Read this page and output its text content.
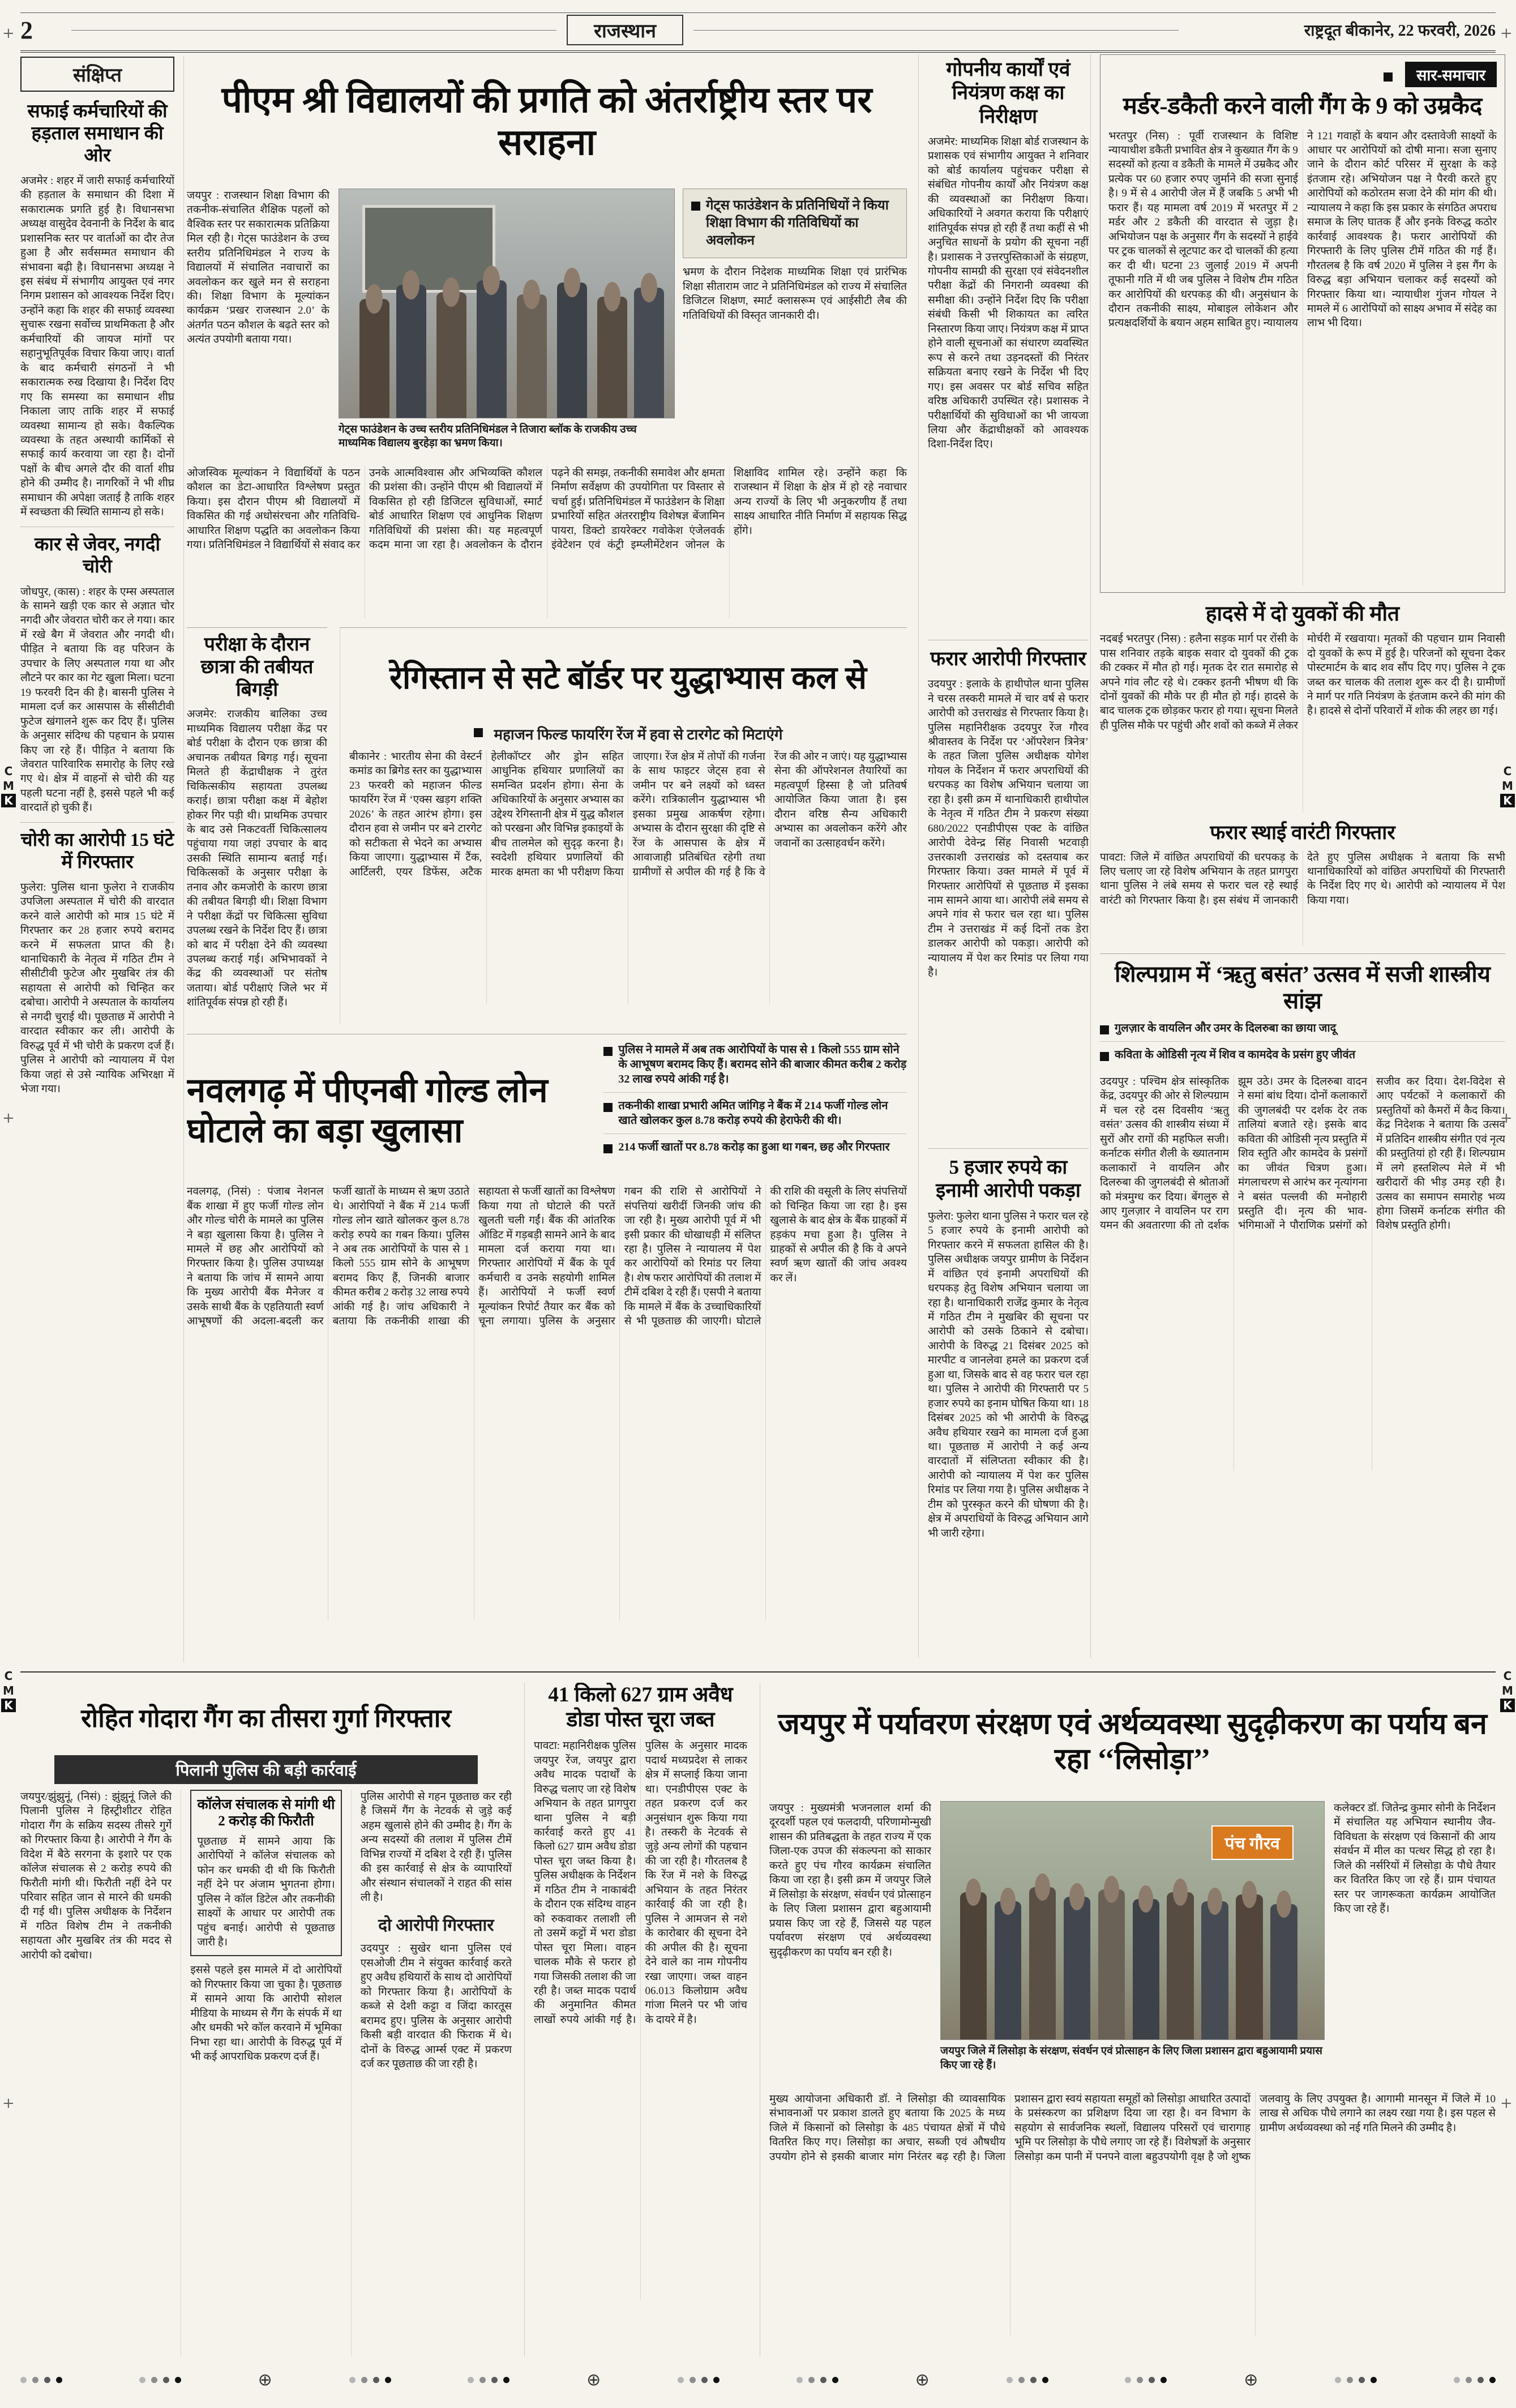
+	+
+	+
+	+
C
M
K
C
M
K
C
M
K
C
M
K
2	राजस्थान	राष्ट्रदूत बीकानेर, 22 फरवरी, 2026
संक्षिप्त
सफाई कर्मचारियों की हड़ताल समाधान की ओर
अजमेर : शहर में जारी सफाई कर्मचारियों की हड़ताल के समाधान की दिशा में सकारात्मक प्रगति हुई है। विधानसभा अध्यक्ष वासुदेव देवनानी के निर्देश के बाद प्रशासनिक स्तर पर वार्ताओं का दौर तेज हुआ है और सर्वसम्मत समाधान की संभावना बढ़ी है। विधानसभा अध्यक्ष ने इस संबंध में संभागीय आयुक्त एवं नगर निगम प्रशासन को आवश्यक निर्देश दिए। उन्होंने कहा कि शहर की सफाई व्यवस्था सुचारू रखना सर्वोच्च प्राथमिकता है और कर्मचारियों की जायज मांगों पर सहानुभूतिपूर्वक विचार किया जाए। वार्ता के बाद कर्मचारी संगठनों ने भी सकारात्मक रुख दिखाया है। निर्देश दिए गए कि समस्या का समाधान शीघ्र निकाला जाए ताकि शहर में सफाई व्यवस्था सामान्य हो सके। वैकल्पिक व्यवस्था के तहत अस्थायी कार्मिकों से सफाई कार्य करवाया जा रहा है। दोनों पक्षों के बीच अगले दौर की वार्ता शीघ्र होने की उम्मीद है। नागरिकों ने भी शीघ्र समाधान की अपेक्षा जताई है ताकि शहर में स्वच्छता की स्थिति सामान्य हो सके।
कार से जेवर, नगदी चोरी
जोधपुर, (कास) : शहर के एम्स अस्पताल के सामने खड़ी एक कार से अज्ञात चोर नगदी और जेवरात चोरी कर ले गया। कार में रखे बैग में जेवरात और नगदी थी। पीड़ित ने बताया कि वह परिजन के उपचार के लिए अस्पताल गया था और लौटने पर कार का गेट खुला मिला। घटना 19 फरवरी दिन की है। बासनी पुलिस ने मामला दर्ज कर आसपास के सीसीटीवी फुटेज खंगालने शुरू कर दिए हैं। पुलिस के अनुसार संदिग्ध की पहचान के प्रयास किए जा रहे हैं। पीड़ित ने बताया कि जेवरात पारिवारिक समारोह के लिए रखे गए थे। क्षेत्र में वाहनों से चोरी की यह पहली घटना नहीं है, इससे पहले भी कई वारदातें हो चुकी हैं।
चोरी का आरोपी 15 घंटे में गिरफ्तार
फुलेरा: पुलिस थाना फुलेरा ने राजकीय उपजिला अस्पताल में चोरी की वारदात करने वाले आरोपी को मात्र 15 घंटे में गिरफ्तार कर 28 हजार रुपये बरामद करने में सफलता प्राप्त की है। थानाधिकारी के नेतृत्व में गठित टीम ने सीसीटीवी फुटेज और मुखबिर तंत्र की सहायता से आरोपी को चिन्हित कर दबोचा। आरोपी ने अस्पताल के कार्यालय से नगदी चुराई थी। पूछताछ में आरोपी ने वारदात स्वीकार कर ली। आरोपी के विरुद्ध पूर्व में भी चोरी के प्रकरण दर्ज हैं। पुलिस ने आरोपी को न्यायालय में पेश किया जहां से उसे न्यायिक अभिरक्षा में भेजा गया।
पीएम श्री विद्यालयों की प्रगति को अंतर्राष्ट्रीय स्तर पर सराहना
जयपुर : राजस्थान शिक्षा विभाग की तकनीक-संचालित शैक्षिक पहलों को वैश्विक स्तर पर सकारात्मक प्रतिक्रिया मिल रही है। गेट्स फाउंडेशन के उच्च स्तरीय प्रतिनिधिमंडल ने राज्य के विद्यालयों में संचालित नवाचारों का अवलोकन कर खुले मन से सराहना की। शिक्षा विभाग के मूल्यांकन कार्यक्रम ‘प्रखर राजस्थान 2.0’ के अंतर्गत पठन कौशल के बढ़ते स्तर को अत्यंत उपयोगी बताया गया।
गेट्स फाउंडेशन के उच्च स्तरीय प्रतिनिधिमंडल ने तिजारा ब्लॉक के राजकीय उच्च माध्यमिक विद्यालय बुरहेड़ा का भ्रमण किया।
गेट्स फाउंडेशन के प्रतिनिधियों ने किया शिक्षा विभाग की गतिविधियों का अवलोकन
भ्रमण के दौरान निदेशक माध्यमिक शिक्षा एवं प्रारंभिक शिक्षा सीताराम जाट ने प्रतिनिधिमंडल को राज्य में संचालित डिजिटल शिक्षण, स्मार्ट क्लासरूम एवं आईसीटी लैब की गतिविधियों की विस्तृत जानकारी दी।
ओजस्विक मूल्यांकन ने विद्यार्थियों के पठन कौशल का डेटा-आधारित विश्लेषण प्रस्तुत किया। इस दौरान पीएम श्री विद्यालयों में विकसित की गई अधोसंरचना और गतिविधि-आधारित शिक्षण पद्धति का अवलोकन किया गया। प्रतिनिधिमंडल ने विद्यार्थियों से संवाद कर उनके आत्मविश्वास और अभिव्यक्ति कौशल की प्रशंसा की। उन्होंने पीएम श्री विद्यालयों में विकसित हो रही डिजिटल सुविधाओं, स्मार्ट बोर्ड आधारित शिक्षण एवं आधुनिक शिक्षण गतिविधियों की प्रशंसा की। यह महत्वपूर्ण कदम माना जा रहा है। अवलोकन के दौरान पढ़ने की समझ, तकनीकी समावेश और क्षमता निर्माण सर्वेक्षण की उपयोगिता पर विस्तार से चर्चा हुई। प्रतिनिधिमंडल में फाउंडेशन के शिक्षा प्रभारियों सहित अंतरराष्ट्रीय विशेषज्ञ बेंजामिन पायरा, डिक्टो डायरेक्टर गवोकेश एंजेलवर्क इंवेटेशन एवं कंट्री इम्प्लीमेंटेशन जोनल के शिक्षाविद शामिल रहे। उन्होंने कहा कि राजस्थान में शिक्षा के क्षेत्र में हो रहे नवाचार अन्य राज्यों के लिए भी अनुकरणीय हैं तथा साक्ष्य आधारित नीति निर्माण में सहायक सिद्ध होंगे।
परीक्षा के दौरान छात्रा की तबीयत बिगड़ी
अजमेर: राजकीय बालिका उच्च माध्यमिक विद्यालय परीक्षा केंद्र पर बोर्ड परीक्षा के दौरान एक छात्रा की अचानक तबीयत बिगड़ गई। सूचना मिलते ही केंद्राधीक्षक ने तुरंत चिकित्सकीय सहायता उपलब्ध कराई। छात्रा परीक्षा कक्ष में बेहोश होकर गिर पड़ी थी। प्राथमिक उपचार के बाद उसे निकटवर्ती चिकित्सालय पहुंचाया गया जहां उपचार के बाद उसकी स्थिति सामान्य बताई गई। चिकित्सकों के अनुसार परीक्षा के तनाव और कमजोरी के कारण छात्रा की तबीयत बिगड़ी थी। शिक्षा विभाग ने परीक्षा केंद्रों पर चिकित्सा सुविधा उपलब्ध रखने के निर्देश दिए हैं। छात्रा को बाद में परीक्षा देने की व्यवस्था उपलब्ध कराई गई। अभिभावकों ने केंद्र की व्यवस्थाओं पर संतोष जताया। बोर्ड परीक्षाएं जिले भर में शांतिपूर्वक संपन्न हो रही हैं।
रेगिस्तान से सटे बॉर्डर पर युद्धाभ्यास कल से
महाजन फिल्ड फायरिंग रेंज में हवा से टारगेट को मिटाएंगे
बीकानेर : भारतीय सेना की वेस्टर्न कमांड का ब्रिगेड स्तर का युद्धाभ्यास 23 फरवरी को महाजन फील्ड फायरिंग रेंज में ‘एक्स खड़ग शक्ति 2026’ के तहत आरंभ होगा। इस दौरान हवा से जमीन पर बने टारगेट को सटीकता से भेदने का अभ्यास किया जाएगा। युद्धाभ्यास में टैंक, आर्टिलरी, एयर डिफेंस, अटैक हेलीकॉप्टर और ड्रोन सहित आधुनिक हथियार प्रणालियों का समन्वित प्रदर्शन होगा। सेना के अधिकारियों के अनुसार अभ्यास का उद्देश्य रेगिस्तानी क्षेत्र में युद्ध कौशल को परखना और विभिन्न इकाइयों के बीच तालमेल को सुदृढ़ करना है। स्वदेशी हथियार प्रणालियों की मारक क्षमता का भी परीक्षण किया जाएगा। रेंज क्षेत्र में तोपों की गर्जना के साथ फाइटर जेट्स हवा से जमीन पर बने लक्ष्यों को ध्वस्त करेंगे। रात्रिकालीन युद्धाभ्यास भी इसका प्रमुख आकर्षण रहेगा। अभ्यास के दौरान सुरक्षा की दृष्टि से रेंज के आसपास के क्षेत्र में आवाजाही प्रतिबंधित रहेगी तथा ग्रामीणों से अपील की गई है कि वे रेंज की ओर न जाएं। यह युद्धाभ्यास सेना की ऑपरेशनल तैयारियों का महत्वपूर्ण हिस्सा है जो प्रतिवर्ष आयोजित किया जाता है। इस दौरान वरिष्ठ सैन्य अधिकारी अभ्यास का अवलोकन करेंगे और जवानों का उत्साहवर्धन करेंगे।
नवलगढ़ में पीएनबी गोल्ड लोन घोटाले का बड़ा खुलासा
पुलिस ने मामले में अब तक आरोपियों के पास से 1 किलो 555 ग्राम सोने के आभूषण बरामद किए हैं। बरामद सोने की बाजार कीमत करीब 2 करोड़ 32 लाख रुपये आंकी गई है।
तकनीकी शाखा प्रभारी अमित जांगिड़ ने बैंक में 214 फर्जी गोल्ड लोन खाते खोलकर कुल 8.78 करोड़ रुपये की हेराफेरी की थी।
214 फर्जी खातों पर 8.78 करोड़ का हुआ था गबन, छह और गिरफ्तार
नवलगढ़, (निसं) : पंजाब नेशनल बैंक शाखा में हुए फर्जी गोल्ड लोन और गोल्ड चोरी के मामले का पुलिस ने बड़ा खुलासा किया है। पुलिस ने मामले में छह और आरोपियों को गिरफ्तार किया है। पुलिस उपाध्यक्ष ने बताया कि जांच में सामने आया कि मुख्य आरोपी बैंक मैनेजर व उसके साथी बैंक के एहतियाती स्वर्ण आभूषणों की अदला-बदली कर फर्जी खातों के माध्यम से ऋण उठाते थे। आरोपियों ने बैंक में 214 फर्जी गोल्ड लोन खाते खोलकर कुल 8.78 करोड़ रुपये का गबन किया। पुलिस ने अब तक आरोपियों के पास से 1 किलो 555 ग्राम सोने के आभूषण बरामद किए हैं, जिनकी बाजार कीमत करीब 2 करोड़ 32 लाख रुपये आंकी गई है। जांच अधिकारी ने बताया कि तकनीकी शाखा की सहायता से फर्जी खातों का विश्लेषण किया गया तो घोटाले की परतें खुलती चली गईं। बैंक की आंतरिक ऑडिट में गड़बड़ी सामने आने के बाद मामला दर्ज कराया गया था। गिरफ्तार आरोपियों में बैंक के पूर्व कर्मचारी व उनके सहयोगी शामिल हैं। आरोपियों ने फर्जी स्वर्ण मूल्यांकन रिपोर्ट तैयार कर बैंक को चूना लगाया। पुलिस के अनुसार गबन की राशि से आरोपियों ने संपत्तियां खरीदीं जिनकी जांच की जा रही है। मुख्य आरोपी पूर्व में भी इसी प्रकार की धोखाधड़ी में संलिप्त रहा है। पुलिस ने न्यायालय में पेश कर आरोपियों को रिमांड पर लिया है। शेष फरार आरोपियों की तलाश में टीमें दबिश दे रही हैं। एसपी ने बताया कि मामले में बैंक के उच्चाधिकारियों से भी पूछताछ की जाएगी। घोटाले की राशि की वसूली के लिए संपत्तियों को चिन्हित किया जा रहा है। इस खुलासे के बाद क्षेत्र के बैंक ग्राहकों में हड़कंप मचा हुआ है। पुलिस ने ग्राहकों से अपील की है कि वे अपने स्वर्ण ऋण खातों की जांच अवश्य कर लें।
गोपनीय कार्यों एवं नियंत्रण कक्ष का निरीक्षण
अजमेर: माध्यमिक शिक्षा बोर्ड राजस्थान के प्रशासक एवं संभागीय आयुक्त ने शनिवार को बोर्ड कार्यालय पहुंचकर परीक्षा से संबंधित गोपनीय कार्यों और नियंत्रण कक्ष की व्यवस्थाओं का निरीक्षण किया। अधिकारियों ने अवगत कराया कि परीक्षाएं शांतिपूर्वक संपन्न हो रही हैं तथा कहीं से भी अनुचित साधनों के प्रयोग की सूचना नहीं है। प्रशासक ने उत्तरपुस्तिकाओं के संग्रहण, गोपनीय सामग्री की सुरक्षा एवं संवेदनशील परीक्षा केंद्रों की निगरानी व्यवस्था की समीक्षा की। उन्होंने निर्देश दिए कि परीक्षा संबंधी किसी भी शिकायत का त्वरित निस्तारण किया जाए। नियंत्रण कक्ष में प्राप्त होने वाली सूचनाओं का संधारण व्यवस्थित रूप से करने तथा उड़नदस्तों की निरंतर सक्रियता बनाए रखने के निर्देश भी दिए गए। इस अवसर पर बोर्ड सचिव सहित वरिष्ठ अधिकारी उपस्थित रहे। प्रशासक ने परीक्षार्थियों की सुविधाओं का भी जायजा लिया और केंद्राधीक्षकों को आवश्यक दिशा-निर्देश दिए।
फरार आरोपी गिरफ्तार
उदयपुर : इलाके के हाथीपोल थाना पुलिस ने चरस तस्करी मामले में चार वर्ष से फरार आरोपी को उत्तराखंड से गिरफ्तार किया है। पुलिस महानिरीक्षक उदयपुर रेंज गौरव श्रीवास्तव के निर्देश पर ‘ऑपरेशन त्रिनेत्र’ के तहत जिला पुलिस अधीक्षक योगेश गोयल के निर्देशन में फरार अपराधियों की धरपकड़ का विशेष अभियान चलाया जा रहा है। इसी क्रम में थानाधिकारी हाथीपोल के नेतृत्व में गठित टीम ने प्रकरण संख्या 680/2022 एनडीपीएस एक्ट के वांछित आरोपी देवेन्द्र सिंह निवासी भटवाड़ी उत्तरकाशी उत्तराखंड को दस्तयाब कर गिरफ्तार किया। उक्त मामले में पूर्व में गिरफ्तार आरोपियों से पूछताछ में इसका नाम सामने आया था। आरोपी लंबे समय से अपने गांव से फरार चल रहा था। पुलिस टीम ने उत्तराखंड में कई दिनों तक डेरा डालकर आरोपी को पकड़ा। आरोपी को न्यायालय में पेश कर रिमांड पर लिया गया है।
5 हजार रुपये का इनामी आरोपी पकड़ा
फुलेरा: फुलेरा थाना पुलिस ने फरार चल रहे 5 हजार रुपये के इनामी आरोपी को गिरफ्तार करने में सफलता हासिल की है। पुलिस अधीक्षक जयपुर ग्रामीण के निर्देशन में वांछित एवं इनामी अपराधियों की धरपकड़ हेतु विशेष अभियान चलाया जा रहा है। थानाधिकारी राजेंद्र कुमार के नेतृत्व में गठित टीम ने मुखबिर की सूचना पर आरोपी को उसके ठिकाने से दबोचा। आरोपी के विरुद्ध 21 दिसंबर 2025 को मारपीट व जानलेवा हमले का प्रकरण दर्ज हुआ था, जिसके बाद से वह फरार चल रहा था। पुलिस ने आरोपी की गिरफ्तारी पर 5 हजार रुपये का इनाम घोषित किया था। 18 दिसंबर 2025 को भी आरोपी के विरुद्ध अवैध हथियार रखने का मामला दर्ज हुआ था। पूछताछ में आरोपी ने कई अन्य वारदातों में संलिप्तता स्वीकार की है। आरोपी को न्यायालय में पेश कर पुलिस रिमांड पर लिया गया है। पुलिस अधीक्षक ने टीम को पुरस्कृत करने की घोषणा की है। क्षेत्र में अपराधियों के विरुद्ध अभियान आगे भी जारी रहेगा।
सार-समाचार
मर्डर-डकैती करने वाली गैंग के 9 को उम्रकैद
भरतपुर (निस) : पूर्वी राजस्थान के विशिष्ट न्यायाधीश डकैती प्रभावित क्षेत्र ने कुख्यात गैंग के 9 सदस्यों को हत्या व डकैती के मामले में उम्रकैद और प्रत्येक पर 60 हजार रुपए जुर्माने की सजा सुनाई है। 9 में से 4 आरोपी जेल में हैं जबकि 5 अभी भी फरार हैं। यह मामला वर्ष 2019 में भरतपुर में 2 मर्डर और 2 डकैती की वारदात से जुड़ा है। अभियोजन पक्ष के अनुसार गैंग के सदस्यों ने हाईवे पर ट्रक चालकों से लूटपाट कर दो चालकों की हत्या कर दी थी। घटना 23 जुलाई 2019 में अपनी तूफानी गति में थी जब पुलिस ने विशेष टीम गठित कर आरोपियों की धरपकड़ की थी। अनुसंधान के दौरान तकनीकी साक्ष्य, मोबाइल लोकेशन और प्रत्यक्षदर्शियों के बयान अहम साबित हुए। न्यायालय ने 121 गवाहों के बयान और दस्तावेजी साक्ष्यों के आधार पर आरोपियों को दोषी माना। सजा सुनाए जाने के दौरान कोर्ट परिसर में सुरक्षा के कड़े इंतजाम रहे। अभियोजन पक्ष ने पैरवी करते हुए आरोपियों को कठोरतम सजा देने की मांग की थी। न्यायालय ने कहा कि इस प्रकार के संगठित अपराध समाज के लिए घातक हैं और इनके विरुद्ध कठोर कार्रवाई आवश्यक है। फरार आरोपियों की गिरफ्तारी के लिए पुलिस टीमें गठित की गई हैं। गौरतलब है कि वर्ष 2020 में पुलिस ने इस गैंग के विरुद्ध बड़ा अभियान चलाकर कई सदस्यों को गिरफ्तार किया था। न्यायाधीश गुंजन गोयल ने मामले में 6 आरोपियों को साक्ष्य अभाव में संदेह का लाभ भी दिया।
हादसे में दो युवकों की मौत
नदबई भरतपुर (निस) : हलैना सड़क मार्ग पर रोंसी के पास शनिवार तड़के बाइक सवार दो युवकों की ट्रक की टक्कर में मौत हो गई। मृतक देर रात समारोह से अपने गांव लौट रहे थे। टक्कर इतनी भीषण थी कि दोनों युवकों की मौके पर ही मौत हो गई। हादसे के बाद चालक ट्रक छोड़कर फरार हो गया। सूचना मिलते ही पुलिस मौके पर पहुंची और शवों को कब्जे में लेकर मोर्चरी में रखवाया। मृतकों की पहचान ग्राम निवासी दो युवकों के रूप में हुई है। परिजनों को सूचना देकर पोस्टमार्टम के बाद शव सौंप दिए गए। पुलिस ने ट्रक जब्त कर चालक की तलाश शुरू कर दी है। ग्रामीणों ने मार्ग पर गति नियंत्रण के इंतजाम करने की मांग की है। हादसे से दोनों परिवारों में शोक की लहर छा गई।
फरार स्थाई वारंटी गिरफ्तार
पावटा: जिले में वांछित अपराधियों की धरपकड़ के लिए चलाए जा रहे विशेष अभियान के तहत प्रागपुरा थाना पुलिस ने लंबे समय से फरार चल रहे स्थाई वारंटी को गिरफ्तार किया है। इस संबंध में जानकारी देते हुए पुलिस अधीक्षक ने बताया कि सभी थानाधिकारियों को वांछित अपराधियों की गिरफ्तारी के निर्देश दिए गए थे। आरोपी को न्यायालय में पेश किया गया।
शिल्पग्राम में ‘ऋतु बसंत’ उत्सव में सजी शास्त्रीय सांझ
गुलज़ार के वायलिन और उमर के दिलरुबा का छाया जादू
कविता के ओडिसी नृत्य में शिव व कामदेव के प्रसंग हुए जीवंत
उदयपुर : पश्चिम क्षेत्र सांस्कृतिक केंद्र, उदयपुर की ओर से शिल्पग्राम में चल रहे दस दिवसीय ‘ऋतु वसंत’ उत्सव की शास्त्रीय संध्या में सुरों और रागों की महफिल सजी। कर्नाटक संगीत शैली के ख्यातनाम कलाकारों ने वायलिन और दिलरुबा की जुगलबंदी से श्रोताओं को मंत्रमुग्ध कर दिया। बेंगलुरु से आए गुलज़ार ने वायलिन पर राग यमन की अवतारणा की तो दर्शक झूम उठे। उमर के दिलरुबा वादन ने समां बांध दिया। दोनों कलाकारों की जुगलबंदी पर दर्शक देर तक तालियां बजाते रहे। इसके बाद कविता की ओडिसी नृत्य प्रस्तुति में शिव स्तुति और कामदेव के प्रसंगों का जीवंत चित्रण हुआ। मंगलाचरण से आरंभ कर नृत्यांगना ने बसंत पल्लवी की मनोहारी प्रस्तुति दी। नृत्य की भाव-भंगिमाओं ने पौराणिक प्रसंगों को सजीव कर दिया। देश-विदेश से आए पर्यटकों ने कलाकारों की प्रस्तुतियों को कैमरों में कैद किया। केंद्र निदेशक ने बताया कि उत्सव में प्रतिदिन शास्त्रीय संगीत एवं नृत्य की प्रस्तुतियां हो रही हैं। शिल्पग्राम में लगे हस्तशिल्प मेले में भी खरीदारों की भीड़ उमड़ रही है। उत्सव का समापन समारोह भव्य होगा जिसमें कर्नाटक संगीत की विशेष प्रस्तुति होगी।
रोहित गोदारा गैंग का तीसरा गुर्गा गिरफ्तार
पिलानी पुलिस की बड़ी कार्रवाई
जयपुर/झुंझुनूं, (निसं) : झुंझुनूं जिले की पिलानी पुलिस ने हिस्ट्रीशीटर रोहित गोदारा गैंग के सक्रिय सदस्य तीसरे गुर्गे को गिरफ्तार किया है। आरोपी ने गैंग के विदेश में बैठे सरगना के इशारे पर एक कॉलेज संचालक से 2 करोड़ रुपये की फिरौती मांगी थी। फिरौती नहीं देने पर परिवार सहित जान से मारने की धमकी दी गई थी। पुलिस अधीक्षक के निर्देशन में गठित विशेष टीम ने तकनीकी सहायता और मुखबिर तंत्र की मदद से आरोपी को दबोचा।
कॉलेज संचालक से मांगी थी 2 करोड़ की फिरौती
पूछताछ में सामने आया कि आरोपियों ने कॉलेज संचालक को फोन कर धमकी दी थी कि फिरौती नहीं देने पर अंजाम भुगतना होगा। पुलिस ने कॉल डिटेल और तकनीकी साक्ष्यों के आधार पर आरोपी तक पहुंच बनाई। आरोपी से पूछताछ जारी है।
इससे पहले इस मामले में दो आरोपियों को गिरफ्तार किया जा चुका है। पूछताछ में सामने आया कि आरोपी सोशल मीडिया के माध्यम से गैंग के संपर्क में था और धमकी भरे कॉल करवाने में भूमिका निभा रहा था। आरोपी के विरुद्ध पूर्व में भी कई आपराधिक प्रकरण दर्ज हैं।
पुलिस आरोपी से गहन पूछताछ कर रही है जिसमें गैंग के नेटवर्क से जुड़े कई अहम खुलासे होने की उम्मीद है। गैंग के अन्य सदस्यों की तलाश में पुलिस टीमें विभिन्न राज्यों में दबिश दे रही हैं। पुलिस की इस कार्रवाई से क्षेत्र के व्यापारियों और संस्थान संचालकों ने राहत की सांस ली है।
दो आरोपी गिरफ्तार
उदयपुर : सुखेर थाना पुलिस एवं एसओजी टीम ने संयुक्त कार्रवाई करते हुए अवैध हथियारों के साथ दो आरोपियों को गिरफ्तार किया है। आरोपियों के कब्जे से देशी कट्टा व जिंदा कारतूस बरामद हुए। पुलिस के अनुसार आरोपी किसी बड़ी वारदात की फिराक में थे। दोनों के विरुद्ध आर्म्स एक्ट में प्रकरण दर्ज कर पूछताछ की जा रही है।
41 किलो 627 ग्राम अवैध डोडा पोस्त चूरा जब्त
पावटा: महानिरीक्षक पुलिस जयपुर रेंज, जयपुर द्वारा अवैध मादक पदार्थों के विरुद्ध चलाए जा रहे विशेष अभियान के तहत प्रागपुरा थाना पुलिस ने बड़ी कार्रवाई करते हुए 41 किलो 627 ग्राम अवैध डोडा पोस्त चूरा जब्त किया है। पुलिस अधीक्षक के निर्देशन में गठित टीम ने नाकाबंदी के दौरान एक संदिग्ध वाहन को रुकवाकर तलाशी ली तो उसमें कट्टों में भरा डोडा पोस्त चूरा मिला। वाहन चालक मौके से फरार हो गया जिसकी तलाश की जा रही है। जब्त मादक पदार्थ की अनुमानित कीमत लाखों रुपये आंकी गई है। पुलिस के अनुसार मादक पदार्थ मध्यप्रदेश से लाकर क्षेत्र में सप्लाई किया जाना था। एनडीपीएस एक्ट के तहत प्रकरण दर्ज कर अनुसंधान शुरू किया गया है। तस्करी के नेटवर्क से जुड़े अन्य लोगों की पहचान की जा रही है। गौरतलब है कि रेंज में नशे के विरुद्ध अभियान के तहत निरंतर कार्रवाई की जा रही है। पुलिस ने आमजन से नशे के कारोबार की सूचना देने की अपील की है। सूचना देने वाले का नाम गोपनीय रखा जाएगा। जब्त वाहन 06.013 किलोग्राम अवैध गांजा मिलने पर भी जांच के दायरे में है।
जयपुर में पर्यावरण संरक्षण एवं अर्थव्यवस्था सुदृढ़ीकरण का पर्याय बन रहा ‘‘लिसोड़ा’’
जयपुर : मुख्यमंत्री भजनलाल शर्मा की दूरदर्शी पहल एवं फलदायी, परिणामोन्मुखी शासन की प्रतिबद्धता के तहत राज्य में एक जिला-एक उपज की संकल्पना को साकार करते हुए पंच गौरव कार्यक्रम संचालित किया जा रहा है। इसी क्रम में जयपुर जिले में लिसोड़ा के संरक्षण, संवर्धन एवं प्रोत्साहन के लिए जिला प्रशासन द्वारा बहुआयामी प्रयास किए जा रहे हैं, जिससे यह पहल पर्यावरण संरक्षण एवं अर्थव्यवस्था सुदृढ़ीकरण का पर्याय बन रही है।
पंच गौरव
जयपुर जिले में लिसोड़ा के संरक्षण, संवर्धन एवं प्रोत्साहन के लिए जिला प्रशासन द्वारा बहुआयामी प्रयास किए जा रहे हैं।
कलेक्टर डॉ. जितेन्द्र कुमार सोनी के निर्देशन में संचालित यह अभियान स्थानीय जैव-विविधता के संरक्षण एवं किसानों की आय संवर्धन में मील का पत्थर सिद्ध हो रहा है। जिले की नर्सरियों में लिसोड़ा के पौधे तैयार कर वितरित किए जा रहे हैं। ग्राम पंचायत स्तर पर जागरूकता कार्यक्रम आयोजित किए जा रहे हैं।
मुख्य आयोजना अधिकारी डॉ. ने लिसोड़ा की व्यावसायिक संभावनाओं पर प्रकाश डालते हुए बताया कि 2025 के मध्य जिले में किसानों को लिसोड़ा के 485 पंचायत क्षेत्रों में पौधे वितरित किए गए। लिसोड़ा का अचार, सब्जी एवं औषधीय उपयोग होने से इसकी बाजार मांग निरंतर बढ़ रही है। जिला प्रशासन द्वारा स्वयं सहायता समूहों को लिसोड़ा आधारित उत्पादों के प्रसंस्करण का प्रशिक्षण दिया जा रहा है। वन विभाग के सहयोग से सार्वजनिक स्थलों, विद्यालय परिसरों एवं चारागाह भूमि पर लिसोड़ा के पौधे लगाए जा रहे हैं। विशेषज्ञों के अनुसार लिसोड़ा कम पानी में पनपने वाला बहुउपयोगी वृक्ष है जो शुष्क जलवायु के लिए उपयुक्त है। आगामी मानसून में जिले में 10 लाख से अधिक पौधे लगाने का लक्ष्य रखा गया है। इस पहल से ग्रामीण अर्थव्यवस्था को नई गति मिलने की उम्मीद है।
⊕	⊕	⊕	⊕
